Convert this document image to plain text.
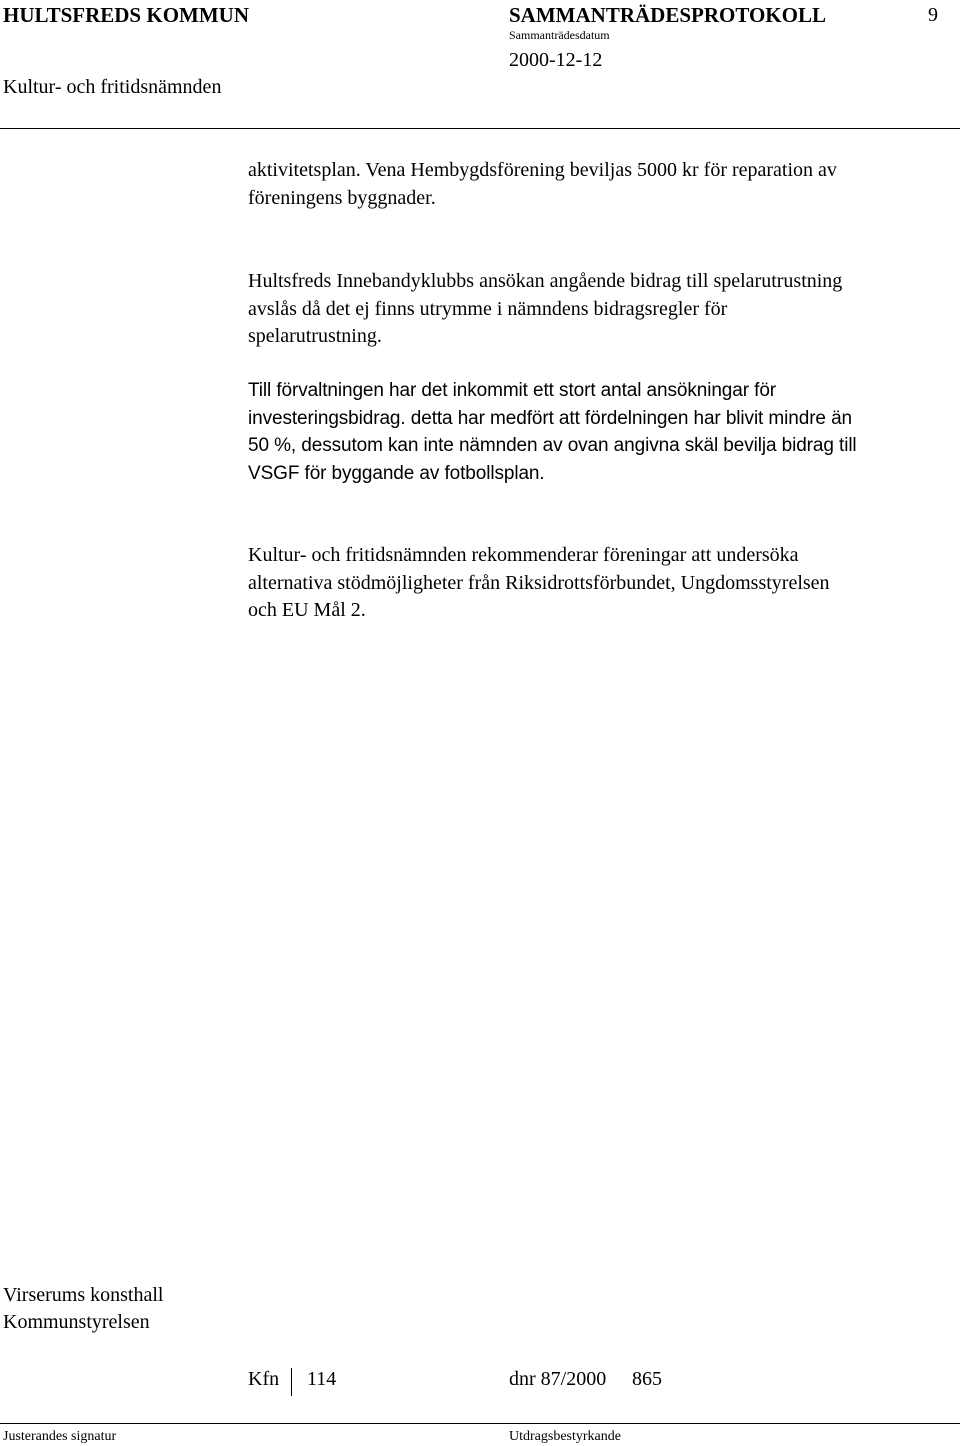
HULTSFREDS KOMMUN	SAMMANTRÄDESPROTOKOLL	9
Sammanträdesdatum
2000-12-12
Kultur- och fritidsnämnden
aktivitetsplan. Vena Hembygdsförening beviljas 5000 kr för reparation av
föreningens byggnader.
Hultsfreds Innebandyklubbs ansökan angående bidrag till spelarutrustning
avslås då det ej finns utrymme i nämndens bidragsregler för
spelarutrustning.
Till förvaltningen har det inkommit ett stort antal ansökningar för
investeringsbidrag. detta har medfört att fördelningen har blivit mindre än
50 %, dessutom kan inte nämnden av ovan angivna skäl bevilja bidrag till
VSGF för byggande av fotbollsplan.
Kultur- och fritidsnämnden rekommenderar föreningar att undersöka
alternativa stödmöjligheter från Riksidrottsförbundet, Ungdomsstyrelsen
och EU Mål 2.
Virserums konsthall
Kommunstyrelsen
Kfn 114	dnr 87/2000 865
Justerandes signatur	Utdragsbestyrkande
